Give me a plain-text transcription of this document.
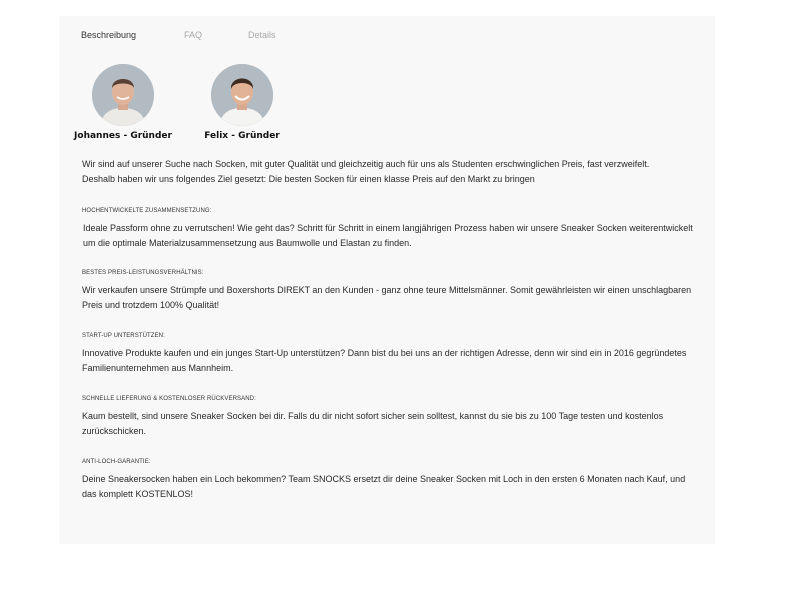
Beschreibung	FAQ	Details
Johannes - Gründer	Felix - Gründer
Wir sind auf unserer Suche nach Socken, mit guter Qualität und gleichzeitig auch für uns als Studenten erschwinglichen Preis, fast verzweifelt.
Deshalb haben wir uns folgendes Ziel gesetzt: Die besten Socken für einen klasse Preis auf den Markt zu bringen
HOCHENTWICKELTE ZUSAMMENSETZUNG:
Ideale Passform ohne zu verrutschen! Wie geht das? Schritt für Schritt in einem langjährigen Prozess haben wir unsere Sneaker Socken weiterentwickelt um die optimale Materialzusammensetzung aus Baumwolle und Elastan zu finden.
BESTES PREIS-LEISTUNGSVERHÄLTNIS:
Wir verkaufen unsere Strümpfe und Boxershorts DIREKT an den Kunden - ganz ohne teure Mittelsmänner. Somit gewährleisten wir einen unschlagbaren Preis und trotzdem 100% Qualität!
START-UP UNTERSTÜTZEN:
Innovative Produkte kaufen und ein junges Start-Up unterstützen? Dann bist du bei uns an der richtigen Adresse, denn wir sind ein in 2016 gegründetes Familienunternehmen aus Mannheim.
SCHNELLE LIEFERUNG & KOSTENLOSER RÜCKVERSAND:
Kaum bestellt, sind unsere Sneaker Socken bei dir. Falls du dir nicht sofort sicher sein solltest, kannst du sie bis zu 100 Tage testen und kostenlos zurückschicken.
ANTI-LOCH-GARANTIE:
Deine Sneakersocken haben ein Loch bekommen? Team SNOCKS ersetzt dir deine Sneaker Socken mit Loch in den ersten 6 Monaten nach Kauf, und das komplett KOSTENLOS!
